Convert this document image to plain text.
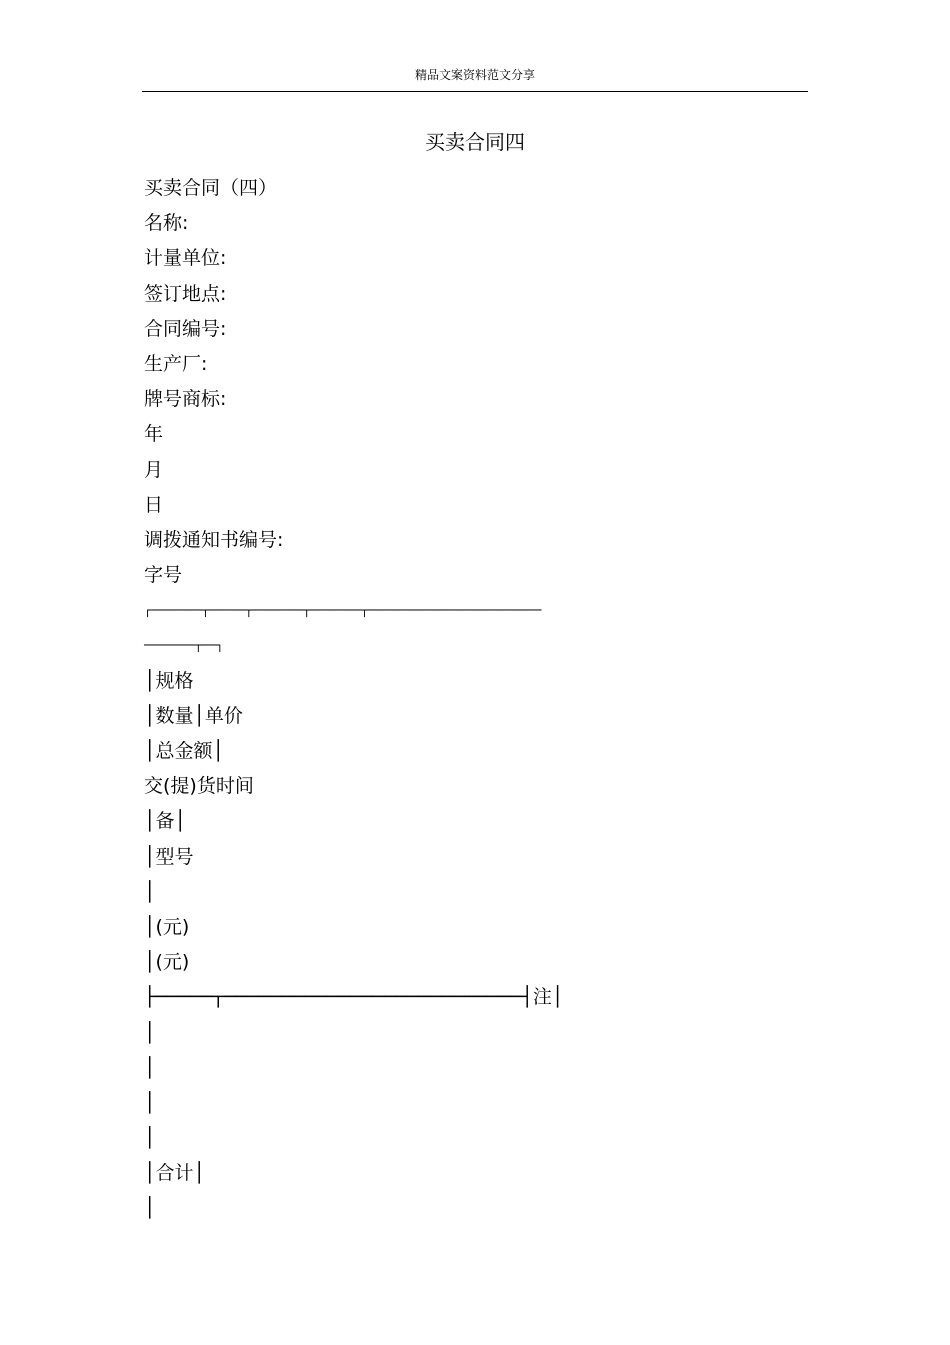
精品文案资料范文分享
买卖合同四
买卖合同（四）
名称:
计量单位:
签订地点:
合同编号:
生产厂:
牌号商标:
年
月
日
调拨通知书编号:
字号
┌───────┬─────┬───────┬───────┬────────────────────────
───────┬──┐
│规格
│数量│单价
│总金额│
交(提)货时间
│备│
│型号
│
│(元)
│(元)
├─────┬──────────────────────────┤注│
│
│
│
│
│合计│
│
